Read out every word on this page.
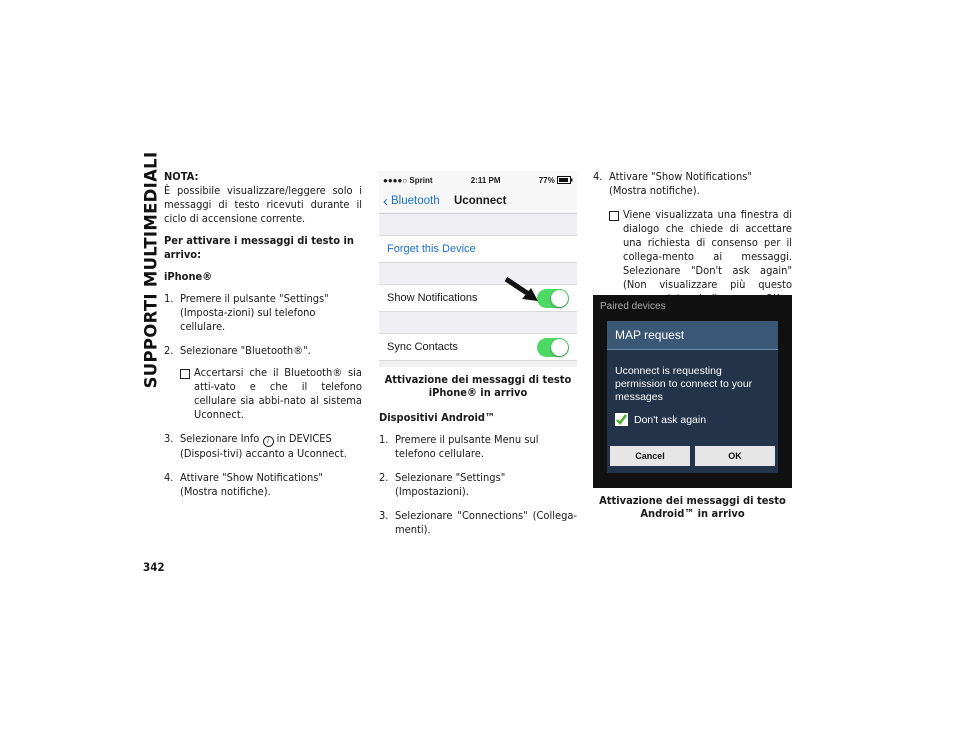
SUPPORTI MULTIMEDIALI
342
NOTA:

È possibile visualizzare/leggere solo i messaggi di testo ricevuti durante il ciclo di accensione corrente.

Per attivare i messaggi di testo in arrivo:

iPhone®

1. Premere il pulsante "Settings" (Imposta-zioni) sul telefono cellulare.
2. Selezionare "Bluetooth®".
Accertarsi che il Bluetooth® sia atti-vato e che il telefono cellulare sia abbi-nato al sistema Uconnect.
3. Selezionare Info i in DEVICES (Disposi-tivi) accanto a Uconnect.
4. Attivare "Show Notifications" (Mostra notifiche).
●●●●○ Sprint	2:11 PM	77%
‹ Bluetooth Uconnect
Forget this Device
Show Notifications
Sync Contacts

Attivazione dei messaggi di testo iPhone® in arrivo

Dispositivi Android™

1. Premere il pulsante Menu sul telefono cellulare.
2. Selezionare "Settings" (Impostazioni).
3. Selezionare "Connections" (Collega-menti).
4. Attivare "Show Notifications" (Mostra notifiche).
Viene visualizzata una finestra di dialogo che chiede di accettare una richiesta di consenso per il collega-mento ai messaggi. Selezionare "Don't ask again" (Non visualizzare più questo
Paired devices
MAP request
Uconnect is requesting permission to connect to your messages
Don't ask again
Cancel	OK

Attivazione dei messaggi di testo Android™ in arrivo
